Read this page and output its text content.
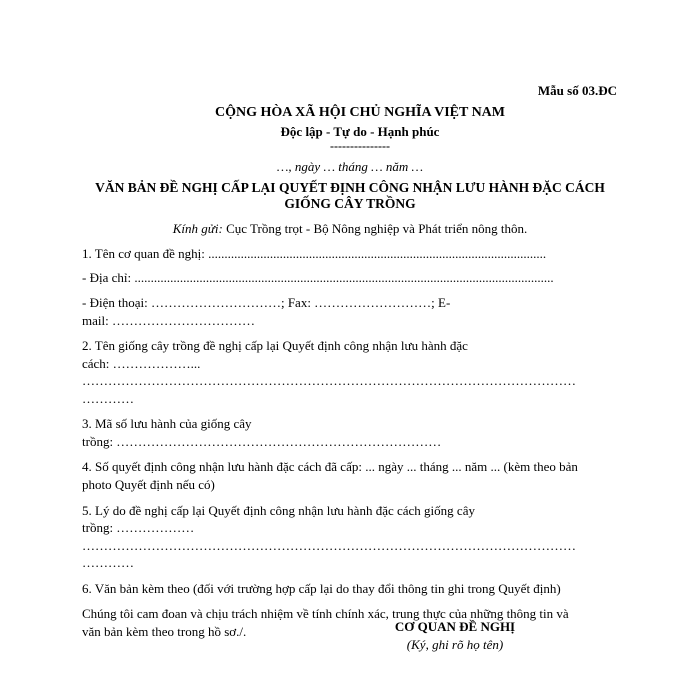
Mẫu số 03.ĐC
CỘNG HÒA XÃ HỘI CHỦ NGHĨA VIỆT NAM
Độc lập - Tự do - Hạnh phúc
---------------
…, ngày … tháng … năm …
VĂN BẢN ĐỀ NGHỊ CẤP LẠI QUYẾT ĐỊNH CÔNG NHẬN LƯU HÀNH ĐẶC CÁCH
GIỐNG CÂY TRỒNG
Kính gửi: Cục Trồng trọt - Bộ Nông nghiệp và Phát triển nông thôn.

1. Tên cơ quan đề nghị: ........................................................................................................

- Địa chỉ: .................................................................................................................................

- Điện thoại: …………………………; Fax: ………………………; E-

mail: ……………………………

2. Tên giống cây trồng đề nghị cấp lại Quyết định công nhận lưu hành đặc

cách: ………………...

……………………………………………………………………………………………………

…………

3. Mã số lưu hành của giống cây

trồng: …………………………………………………………………

4. Số quyết định công nhận lưu hành đặc cách đã cấp: ... ngày ... tháng ... năm ... (kèm theo bản

photo Quyết định nếu có)

5. Lý do đề nghị cấp lại Quyết định công nhận lưu hành đặc cách giống cây

trồng: ………………

……………………………………………………………………………………………………

…………

6. Văn bản kèm theo (đối với trường hợp cấp lại do thay đổi thông tin ghi trong Quyết định)

Chúng tôi cam đoan và chịu trách nhiệm về tính chính xác, trung thực của những thông tin và

văn bản kèm theo trong hồ sơ./.	CƠ QUAN ĐỀ NGHỊ
(Ký, ghi rõ họ tên)
